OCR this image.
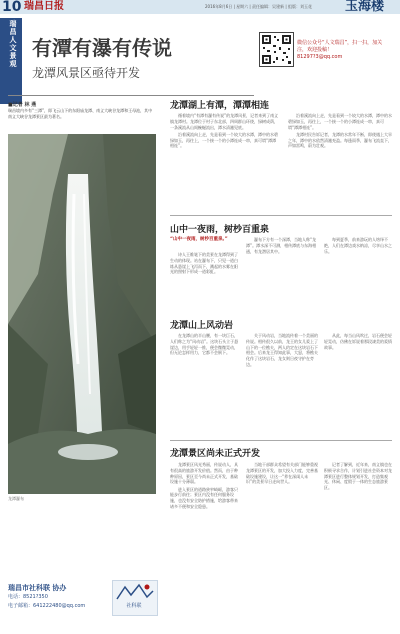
10 瑞昌日报	2016年8月6日 | 星期六 | 责任编辑：吴建新 | 组版：刘玉花	玉海楼
瑞昌人文景观 有潭有瀑有传说
龙潭风景区亟待开发
微信公众号“人文瑞昌”，扫一扫，加关注，欢迎投稿！
81297?3@qq.com
■记者 林 燕
瑞昌境内多有“三潭”，即飞云山下的东阳庙龙潭、南义大峡谷龙潭和王母池，其中南义大峡谷龙潭景区最为著名。
龙潭瀑布
龙潭湖上有潭，潭潭相连

循着境内“有潭有瀑有传说”的龙潭风景，记者来到了南义镇龙潭村。龙潭位于村子东北部，四周群山环绕，绿树成荫，一条溪流从山间蜿蜒流出，潭水清澈见底。

沿着溪流向上走，先是看到一个较大的水潭，潭中的水碧绿如玉，再往上，一个接一个的小潭连成一串，真可谓“潭潭相连”。

沿着溪流向上走，先是看到一个较大的水潭，潭中的水碧绿如玉，再往上，一个接一个的小潭连成一串，真可谓“潭潭相连”。

龙潭村民告诉记者，龙潭的水常年不断，即使遇上大旱之年，潭中的水依然清澈充盈。每逢雨季，瀑布飞流直下，声如雷鸣，蔚为壮观。

山中一夜雨，树杪百重泉
“山中一夜雨，树杪百重泉。”

诗人王维笔下的美景在龙潭得到了生动的体现。站在瀑布下，只见一道白练从悬崖上飞泻而下，溅起的水雾在阳光的照射下形成一道彩虹。

瀑布下方有一个深潭，当地人称“龙潭”。潭水深不可测，相传潭底与东海相通，有龙潜居其中。

每到夏季，前来游玩的人络绎不绝，人们在潭边戏水纳凉，尽享山水之乐。

龙潭山上风动岩

在龙潭山的半山腰，有一块巨石，人们称之为“风动岩”。这块石头立于悬崖边，用手轻轻一推，便会微微晃动，但无论怎样用力，它都不会倒下。

关于风动岩，当地流传着一个美丽的传说。相传很久以前，龙王的女儿爱上了山下的一位樵夫，两人约定在这块岩石下相会。后来龙王得知此事，大怒，将樵夫化作了这块岩石，龙女则日夜守护在旁边。

从此，每当山风吹过，岩石便会轻轻晃动，仿佛在诉说着那段凄美的爱情故事。

龙潭景区尚未正式开发

龙潭景区风光秀丽，传说动人，具有很高的旅游开发价值。然而，由于种种原因，景区至今尚未正式开发，基础设施十分薄弱。

进入景区的道路狭窄崎岖，游客只能步行前往；景区内没有任何服务设施，也没有安全防护措施，给游客带来诸多不便和安全隐患。

当地干部群众希望有关部门能够重视龙潭景区的开发，加大投入力度，完善基础设施建设，让这一“养在深闺人未识”的美景早日走向世人。

记者了解到，近年来，南义镇也在积极寻求合作，计划引进社会资本对龙潭景区进行整体规划开发，打造集观光、休闲、度假于一体的生态旅游景区。

瑞昌市社科联 协办
电话：8521?350
电子邮箱：641222480@qq.com	社科联
